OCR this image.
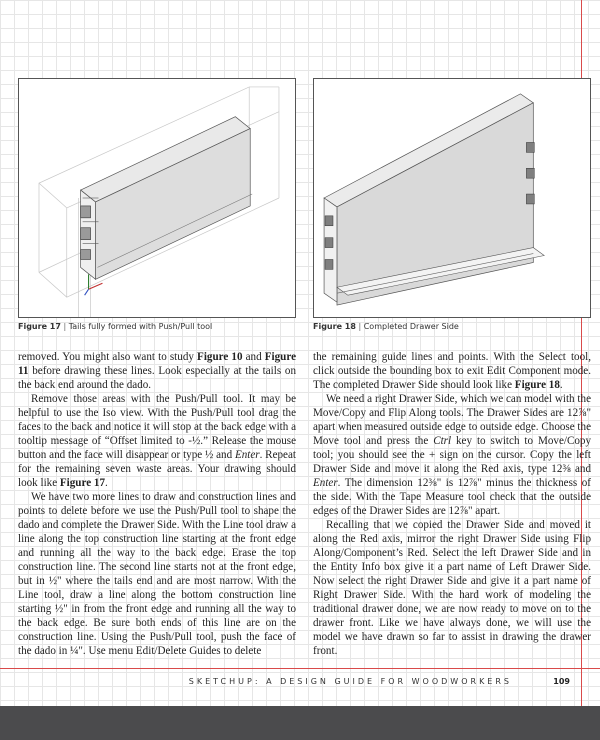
Figure 17 | Tails fully formed with Push/Pull tool	Figure 18 | Completed Drawer Side

removed. You might also want to study Figure 10 and Figure 11 before drawing these lines. Look especially at the tails on the back end around the dado.

Remove those areas with the Push/Pull tool. It may be helpful to use the Iso view. With the Push/Pull tool drag the faces to the back and notice it will stop at the back edge with a tooltip message of “Offset limited to -½.” Release the mouse button and the face will disappear or type ½ and Enter. Repeat for the remaining seven waste areas. Your drawing should look like Figure 17.

We have two more lines to draw and construction lines and points to delete before we use the Push/Pull tool to shape the dado and complete the Drawer Side. With the Line tool draw a line along the top construction line starting at the front edge and running all the way to the back edge. Erase the top construction line. The second line starts not at the front edge, but in ½" where the tails end and are most narrow. With the Line tool, draw a line along the bottom construction line starting ½" in from the front edge and running all the way to the back edge. Be sure both ends of this line are on the construction line. Using the Push/Pull tool, push the face of the dado in ¼". Use menu Edit/Delete Guides to delete

the remaining guide lines and points. With the Select tool, click outside the bounding box to exit Edit Component mode. The completed Drawer Side should look like Figure 18.

We need a right Drawer Side, which we can model with the Move/Copy and Flip Along tools. The Drawer Sides are 12⅞" apart when measured outside edge to outside edge. Choose the Move tool and press the Ctrl key to switch to Move/Copy tool; you should see the + sign on the cursor. Copy the left Drawer Side and move it along the Red axis, type 12⅜ and Enter. The dimension 12⅜" is 12⅞" minus the thickness of the side. With the Tape Measure tool check that the outside edges of the Drawer Sides are 12⅞" apart.

Recalling that we copied the Drawer Side and moved it along the Red axis, mirror the right Drawer Side using Flip Along/Component’s Red. Select the left Drawer Side and in the Entity Info box give it a part name of Left Drawer Side. Now select the right Drawer Side and give it a part name of Right Drawer Side. With the hard work of modeling the traditional drawer done, we are now ready to move on to the drawer front. Like we have always done, we will use the model we have drawn so far to assist in drawing the drawer front.

SKETCHUP: A DESIGN GUIDE FOR WOODWORKERS	109
